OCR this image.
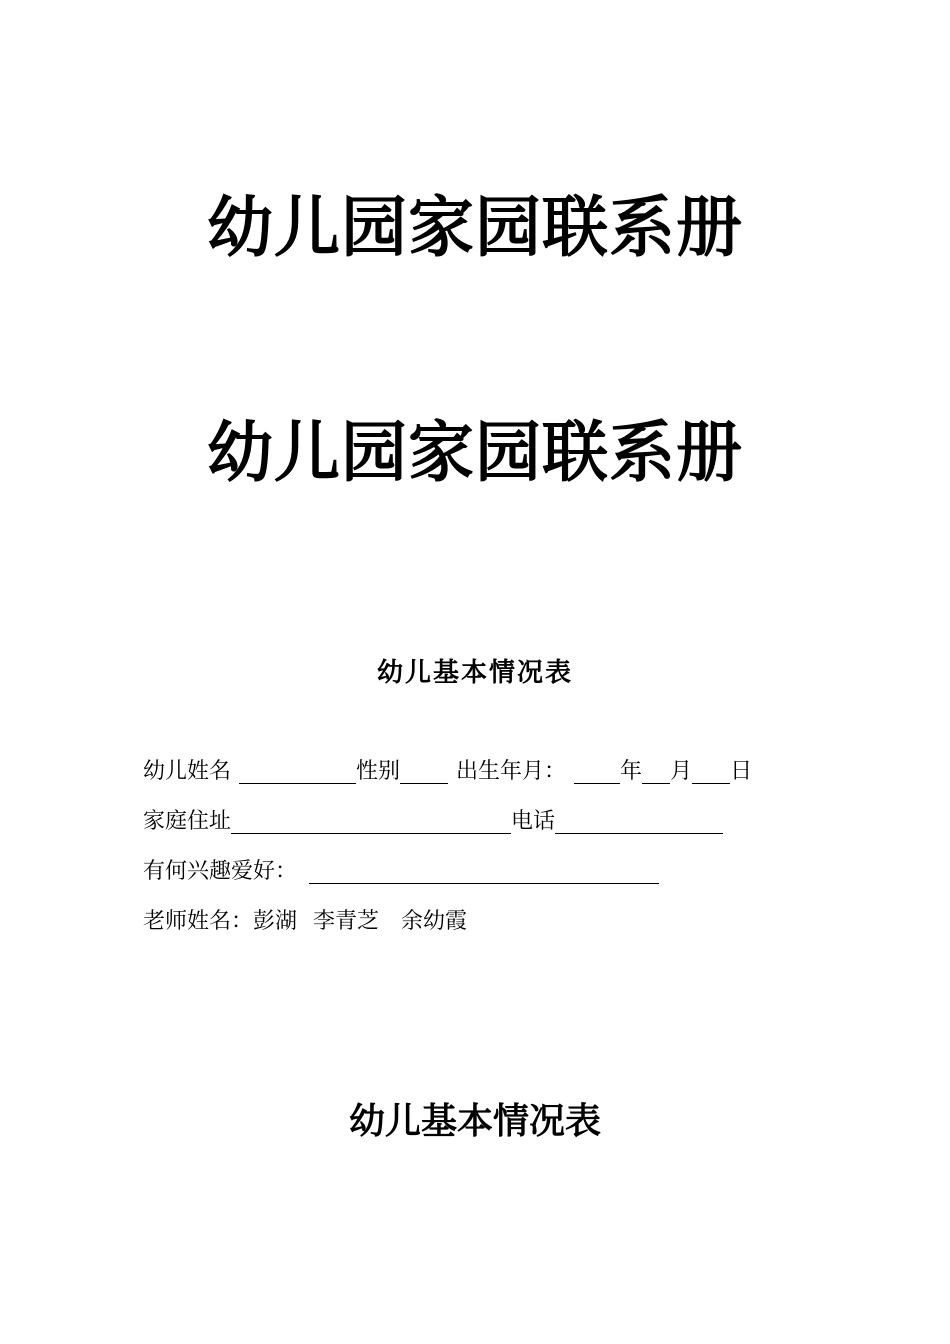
幼儿园家园联系册
幼儿园家园联系册
幼儿基本情况表
幼儿姓名	性别	出生年月： 年 月 日
家庭住址	电话
有何兴趣爱好：
老师姓名： 彭湖 李青芝 余幼霞
幼儿基本情况表
